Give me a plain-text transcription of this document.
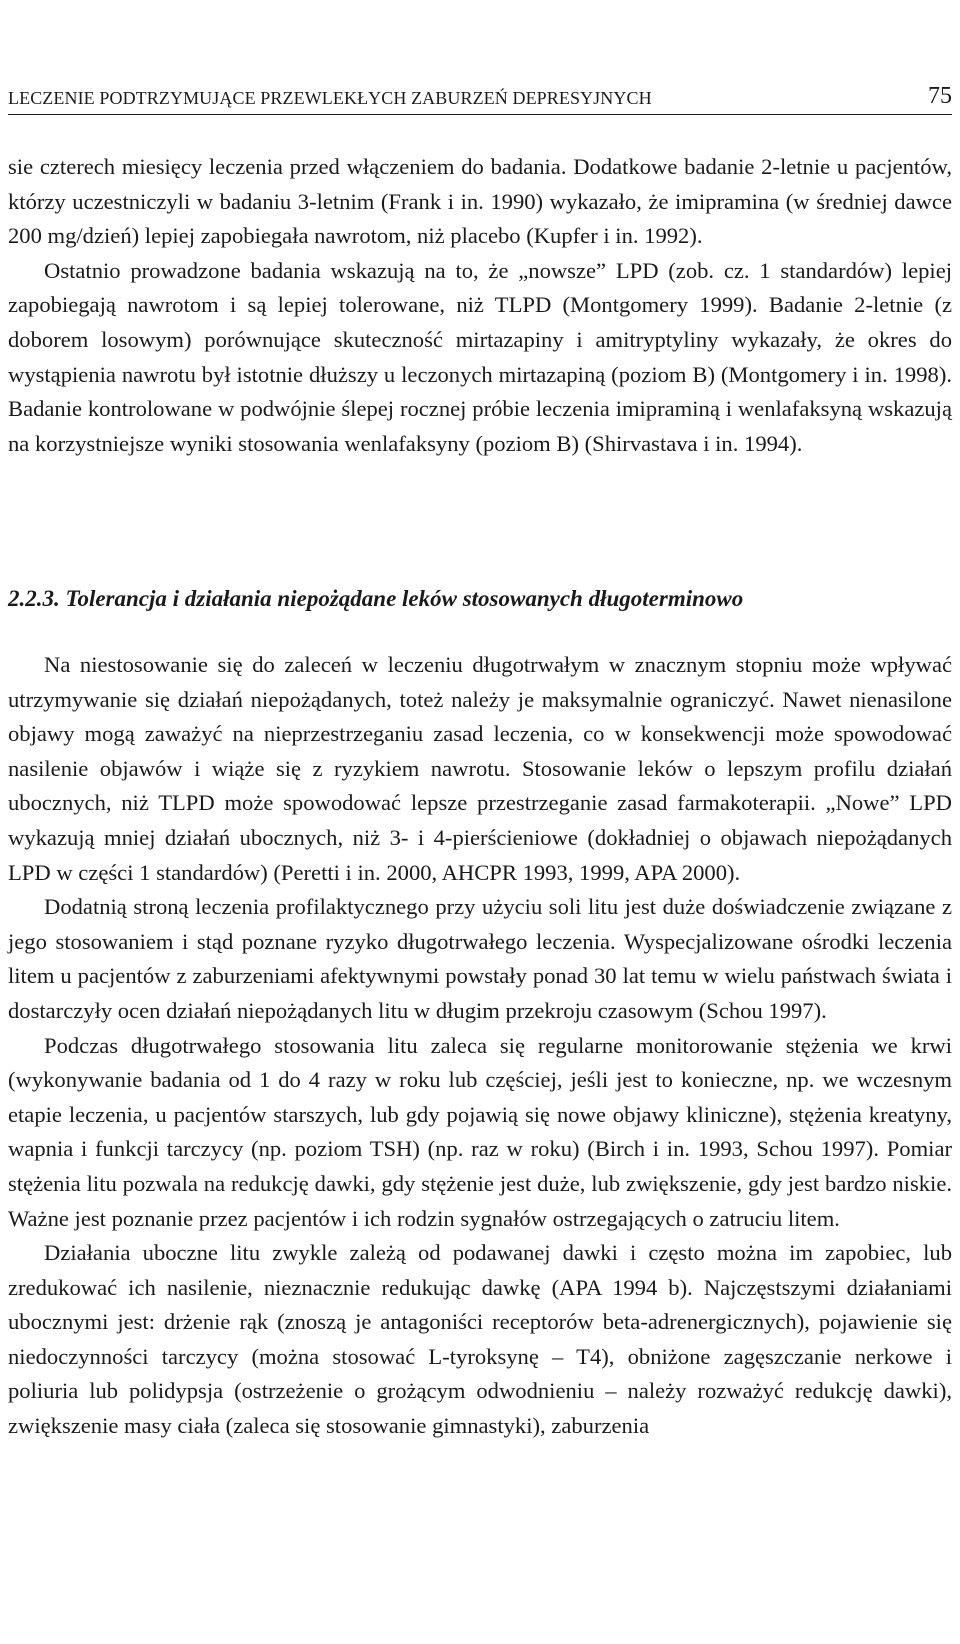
LECZENIE PODTRZYMUJĄCE PRZEWLEKŁYCH ZABURZEŃ DEPRESYJNYCH	75

sie czterech miesięcy leczenia przed włączeniem do badania. Dodatkowe badanie 2-letnie u pacjentów, którzy uczestniczyli w badaniu 3-letnim (Frank i in. 1990) wykazało, że imipramina (w średniej dawce 200 mg/dzień) lepiej zapobiegała nawrotom, niż placebo (Kupfer i in. 1992).

Ostatnio prowadzone badania wskazują na to, że „nowsze” LPD (zob. cz. 1 standardów) lepiej zapobiegają nawrotom i są lepiej tolerowane, niż TLPD (Montgomery 1999). Badanie 2-letnie (z doborem losowym) porównujące skuteczność mirtazapiny i amitryptyliny wykazały, że okres do wystąpienia nawrotu był istotnie dłuższy u leczonych mirtazapiną (poziom B) (Montgomery i in. 1998). Badanie kontrolowane w podwójnie ślepej rocznej próbie leczenia imipraminą i wenlafaksyną wskazują na korzystniejsze wyniki stosowania wenlafaksyny (poziom B) (Shirvastava i in. 1994).

2.2.3. Tolerancja i działania niepożądane leków stosowanych długoterminowo

Na niestosowanie się do zaleceń w leczeniu długotrwałym w znacznym stopniu może wpływać utrzymywanie się działań niepożądanych, toteż należy je maksymalnie ograniczyć. Nawet nienasilone objawy mogą zaważyć na nieprzestrzeganiu zasad leczenia, co w konsekwencji może spowodować nasilenie objawów i wiąże się z ryzykiem nawrotu. Stosowanie leków o lepszym profilu działań ubocznych, niż TLPD może spowodować lepsze przestrzeganie zasad farmakoterapii. „Nowe” LPD wykazują mniej działań ubocznych, niż 3- i 4-pierścieniowe (dokładniej o objawach niepożądanych LPD w części 1 standardów) (Peretti i in. 2000, AHCPR 1993, 1999, APA 2000).

Dodatnią stroną leczenia profilaktycznego przy użyciu soli litu jest duże doświadczenie związane z jego stosowaniem i stąd poznane ryzyko długotrwałego leczenia. Wyspecjalizowane ośrodki leczenia litem u pacjentów z zaburzeniami afektywnymi powstały ponad 30 lat temu w wielu państwach świata i dostarczyły ocen działań niepożądanych litu w długim przekroju czasowym (Schou 1997).

Podczas długotrwałego stosowania litu zaleca się regularne monitorowanie stężenia we krwi (wykonywanie badania od 1 do 4 razy w roku lub częściej, jeśli jest to konieczne, np. we wczesnym etapie leczenia, u pacjentów starszych, lub gdy pojawią się nowe objawy kliniczne), stężenia kreatyny, wapnia i funkcji tarczycy (np. poziom TSH) (np. raz w roku) (Birch i in. 1993, Schou 1997). Pomiar stężenia litu pozwala na redukcję dawki, gdy stężenie jest duże, lub zwiększenie, gdy jest bardzo niskie. Ważne jest poznanie przez pacjentów i ich rodzin sygnałów ostrzegających o zatruciu litem.

Działania uboczne litu zwykle zależą od podawanej dawki i często można im zapobiec, lub zredukować ich nasilenie, nieznacznie redukując dawkę (APA 1994 b). Najczęstszymi działaniami ubocznymi jest: drżenie rąk (znoszą je antagoniści receptorów beta-adrenergicznych), pojawienie się niedoczynności tarczycy (można stosować L-tyroksynę – T4), obniżone zagęszczanie nerkowe i poliuria lub polidypsja (ostrzeżenie o grożącym odwodnieniu – należy rozważyć redukcję dawki), zwiększenie masy ciała (zaleca się stosowanie gimnastyki), zaburzenia
